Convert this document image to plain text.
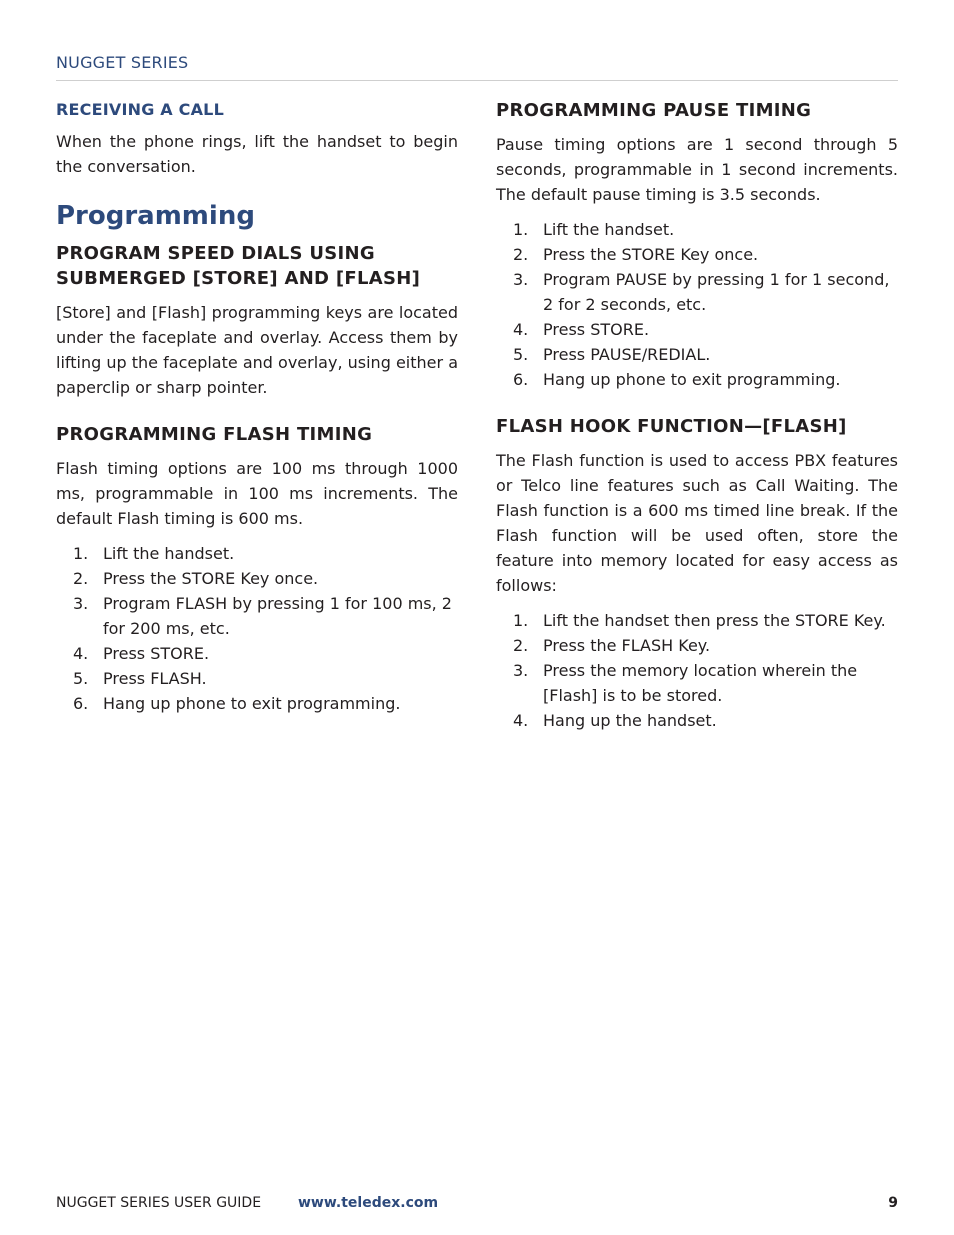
NUGGET SERIES
RECEIVING A CALL

When the phone rings, lift the handset to begin the conversation.

Programming
PROGRAM SPEED DIALS USING SUBMERGED [STORE] AND [FLASH]

[Store] and [Flash] programming keys are located under the faceplate and overlay. Access them by lifting up the faceplate and overlay, using either a paperclip or sharp pointer.

PROGRAMMING FLASH TIMING

Flash timing options are 100 ms through 1000 ms, programmable in 100 ms increments. The default Flash timing is 600 ms.

1. Lift the handset.
2. Press the STORE Key once.
3. Program FLASH by pressing 1 for 100 ms, 2 for 200 ms, etc.
4. Press STORE.
5. Press FLASH.
6. Hang up phone to exit programming.
PROGRAMMING PAUSE TIMING

Pause timing options are 1 second through 5 seconds, programmable in 1 second increments. The default pause timing is 3.5 seconds.

1. Lift the handset.
2. Press the STORE Key once.
3. Program PAUSE by pressing 1 for 1 second, 2 for 2 seconds, etc.
4. Press STORE.
5. Press PAUSE/REDIAL.
6. Hang up phone to exit programming.
FLASH HOOK FUNCTION—[FLASH]

The Flash function is used to access PBX features or Telco line features such as Call Waiting. The Flash function is a 600 ms timed line break. If the Flash function will be used often, store the feature into memory located for easy access as follows:

1. Lift the handset then press the STORE Key.
2. Press the FLASH Key.
3. Press the memory location wherein the [Flash] is to be stored.
4. Hang up the handset.
NUGGET SERIES USER GUIDE	www.teledex.com	9
